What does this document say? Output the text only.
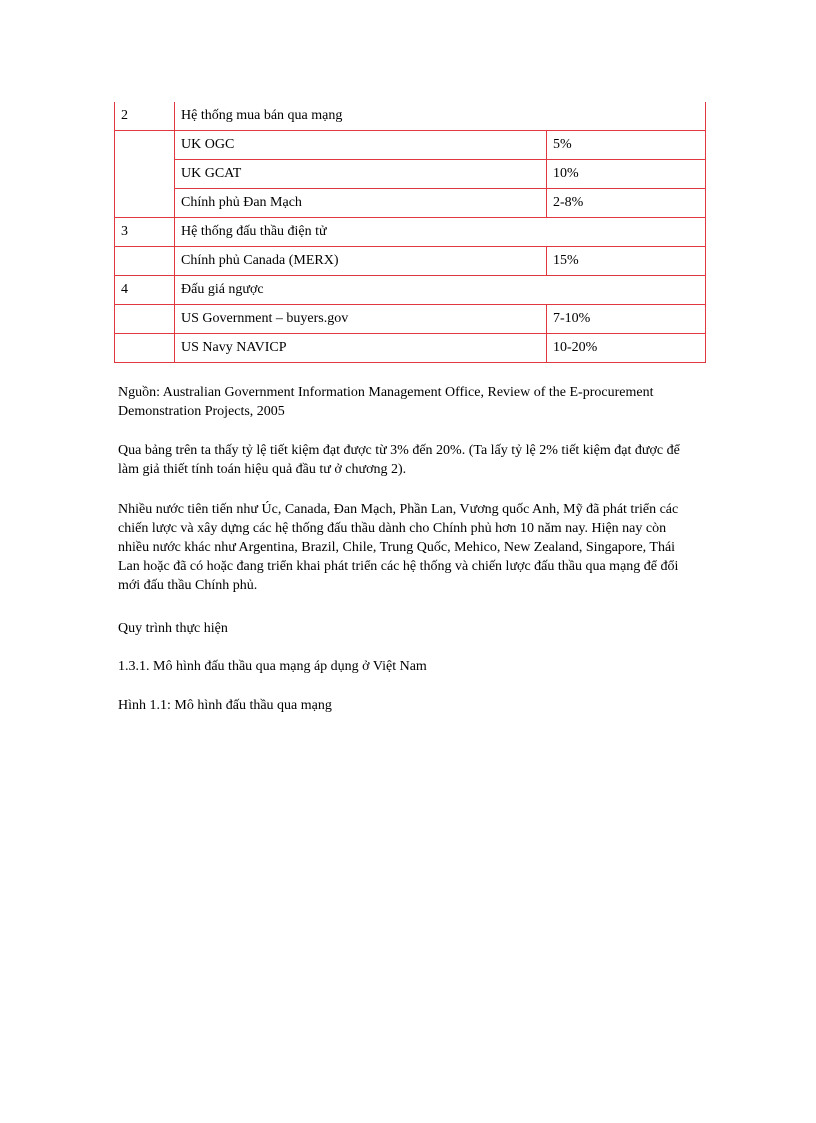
2	Hệ thống mua bán qua mạng	
	UK OGC	5%
	UK GCAT	10%
	Chính phủ Đan Mạch	2-8%
3	Hệ thống đấu thầu điện tử	
	Chính phủ Canada (MERX)	15%
4	Đấu giá ngược	
	US Government – buyers.gov	7-10%
	US Navy NAVICP	10-20%

Nguồn: Australian Government Information Management Office, Review of the E-procurement Demonstration Projects, 2005

Qua bảng trên ta thấy tỷ lệ tiết kiệm đạt được từ 3% đến 20%. (Ta lấy tỷ lệ 2% tiết kiệm đạt được để làm giả thiết tính toán hiệu quả đầu tư ở chương 2).

Nhiều nước tiên tiến như Úc, Canada, Đan Mạch, Phần Lan, Vương quốc Anh, Mỹ đã phát triển các chiến lược và xây dựng các hệ thống đấu thầu dành cho Chính phủ hơn 10 năm nay. Hiện nay còn nhiều nước khác như Argentina, Brazil, Chile, Trung Quốc, Mehico, New Zealand, Singapore, Thái Lan hoặc đã có hoặc đang triển khai phát triển các hệ thống và chiến lược đấu thầu qua mạng để đổi mới đấu thầu Chính phủ.

Quy trình thực hiện

1.3.1. Mô hình đấu thầu qua mạng áp dụng ở Việt Nam

Hình 1.1: Mô hình đấu thầu qua mạng
